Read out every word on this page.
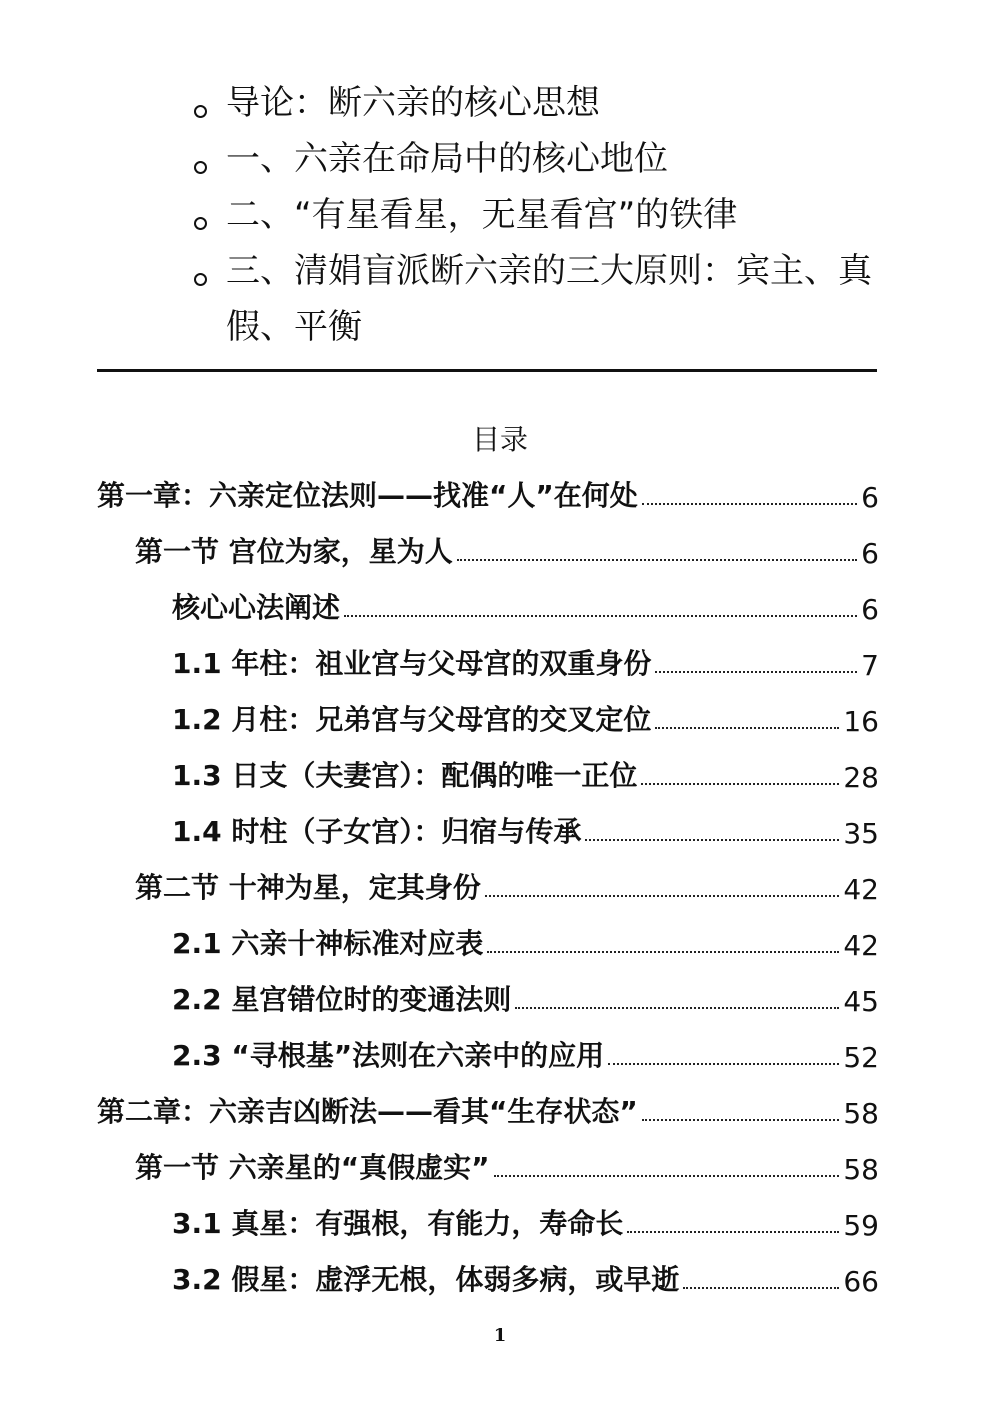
导论：断六亲的核心思想
一、六亲在命局中的核心地位
二、“有星看星，无星看宫”的铁律
三、清娟盲派断六亲的三大原则：宾主、真假、平衡
目录
第一章：六亲定位法则——找准“人”在何处	6
第一节 宫位为家，星为人	6
核心心法阐述	6
1.1 年柱：祖业宫与父母宫的双重身份	7
1.2 月柱：兄弟宫与父母宫的交叉定位	16
1.3 日支（夫妻宫）：配偶的唯一正位	28
1.4 时柱（子女宫）：归宿与传承	35
第二节 十神为星，定其身份	42
2.1 六亲十神标准对应表	42
2.2 星宫错位时的变通法则	45
2.3 “寻根基”法则在六亲中的应用	52
第二章：六亲吉凶断法——看其“生存状态”	58
第一节 六亲星的“真假虚实”	58
3.1 真星：有强根，有能力，寿命长	59
3.2 假星：虚浮无根，体弱多病，或早逝	66
1
